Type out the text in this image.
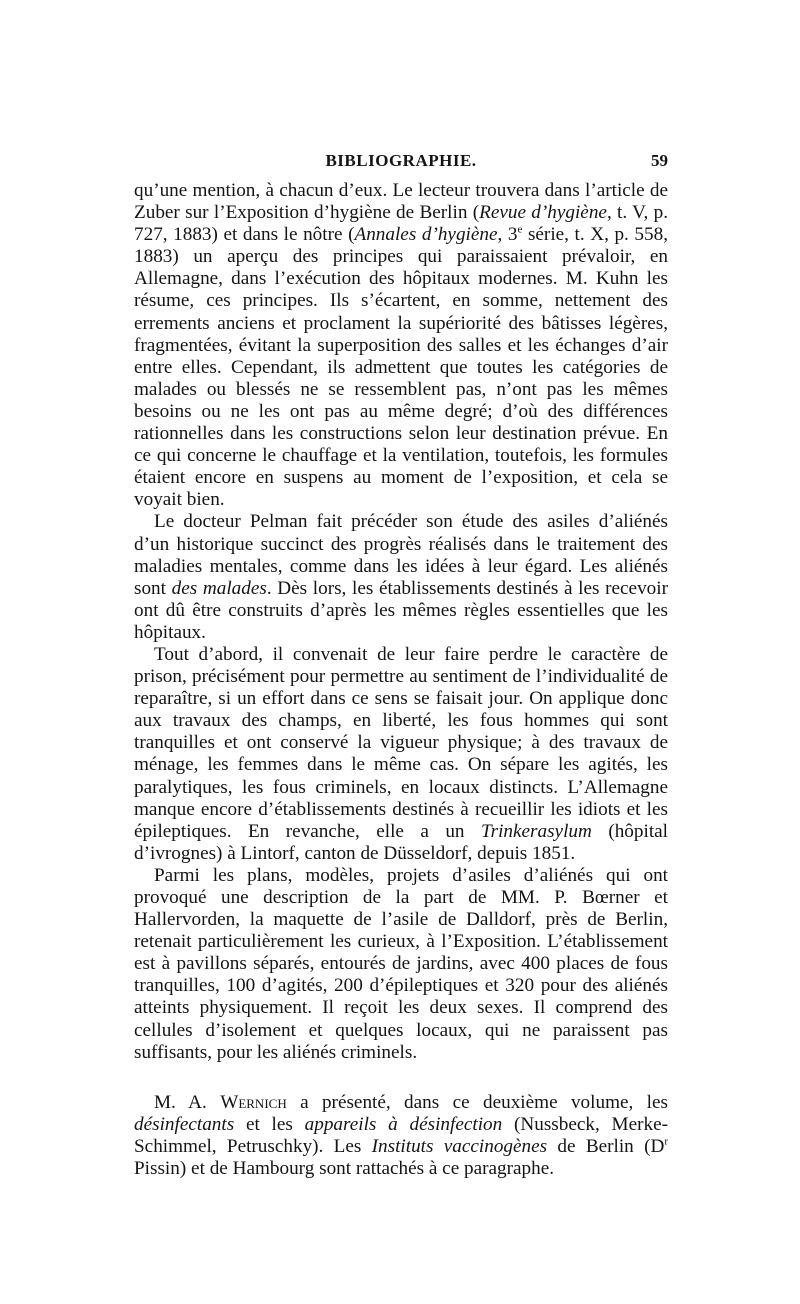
BIBLIOGRAPHIE.	59

qu’une mention, à chacun d’eux. Le lecteur trouvera dans l’article de Zuber sur l’Exposition d’hygiène de Berlin (Revue d’hygiène, t. V, p. 727, 1883) et dans le nôtre (Annales d’hygiène, 3e série, t. X, p. 558, 1883) un aperçu des principes qui paraissaient prévaloir, en Allemagne, dans l’exécution des hôpitaux modernes. M. Kuhn les résume, ces principes. Ils s’écartent, en somme, nettement des errements anciens et proclament la supériorité des bâtisses légères, fragmentées, évitant la superposition des salles et les échanges d’air entre elles. Cependant, ils admettent que toutes les catégories de malades ou blessés ne se ressemblent pas, n’ont pas les mêmes besoins ou ne les ont pas au même degré; d’où des différences rationnelles dans les constructions selon leur destination prévue. En ce qui concerne le chauffage et la ventilation, toutefois, les formules étaient encore en suspens au moment de l’exposition, et cela se voyait bien.

Le docteur Pelman fait précéder son étude des asiles d’aliénés d’un historique succinct des progrès réalisés dans le traitement des maladies mentales, comme dans les idées à leur égard. Les aliénés sont des malades. Dès lors, les établissements destinés à les recevoir ont dû être construits d’après les mêmes règles essentielles que les hôpitaux.

Tout d’abord, il convenait de leur faire perdre le caractère de prison, précisément pour permettre au sentiment de l’individualité de reparaître, si un effort dans ce sens se faisait jour. On applique donc aux travaux des champs, en liberté, les fous hommes qui sont tranquilles et ont conservé la vigueur physique; à des travaux de ménage, les femmes dans le même cas. On sépare les agités, les paralytiques, les fous criminels, en locaux distincts. L’Allemagne manque encore d’établissements destinés à recueillir les idiots et les épileptiques. En revanche, elle a un Trinkerasylum (hôpital d’ivrognes) à Lintorf, canton de Düsseldorf, depuis 1851.

Parmi les plans, modèles, projets d’asiles d’aliénés qui ont provoqué une description de la part de MM. P. Bœrner et Hallervorden, la maquette de l’asile de Dalldorf, près de Berlin, retenait particulièrement les curieux, à l’Exposition. L’établissement est à pavillons séparés, entourés de jardins, avec 400 places de fous tranquilles, 100 d’agités, 200 d’épileptiques et 320 pour des aliénés atteints physiquement. Il reçoit les deux sexes. Il comprend des cellules d’isolement et quelques locaux, qui ne paraissent pas suffisants, pour les aliénés criminels.

M. A. Wernich a présenté, dans ce deuxième volume, les désinfectants et les appareils à désinfection (Nussbeck, Merke-Schimmel, Petruschky). Les Instituts vaccinogènes de Berlin ($D^r$ Pissin) et de Hambourg sont rattachés à ce paragraphe.
